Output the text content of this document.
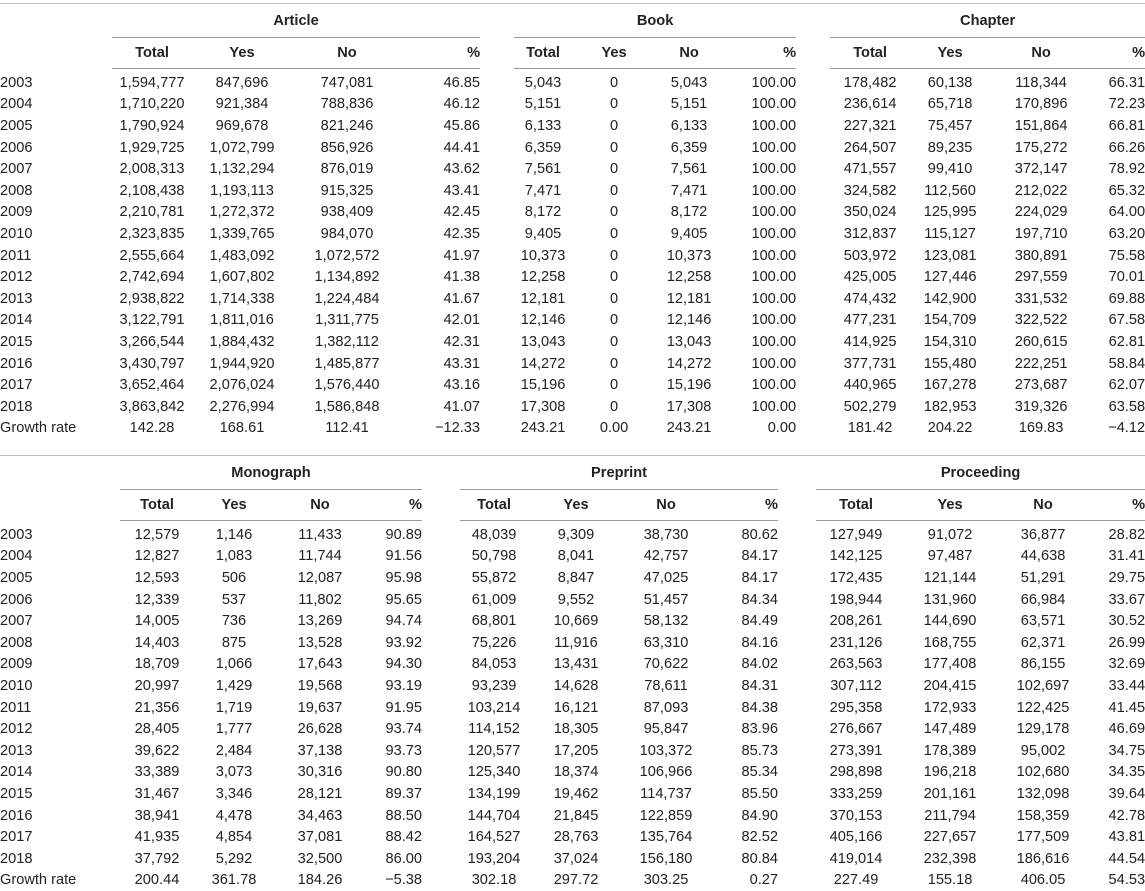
	Article					Book					Chapter			
	Total	Yes	No	%		Total	Yes	No	%		Total	Yes	No	%
2003	1,594,777	847,696	747,081	46.85		5,043	0	5,043	100.00		178,482	60,138	118,344	66.31
2004	1,710,220	921,384	788,836	46.12		5,151	0	5,151	100.00		236,614	65,718	170,896	72.23
2005	1,790,924	969,678	821,246	45.86		6,133	0	6,133	100.00		227,321	75,457	151,864	66.81
2006	1,929,725	1,072,799	856,926	44.41		6,359	0	6,359	100.00		264,507	89,235	175,272	66.26
2007	2,008,313	1,132,294	876,019	43.62		7,561	0	7,561	100.00		471,557	99,410	372,147	78.92
2008	2,108,438	1,193,113	915,325	43.41		7,471	0	7,471	100.00		324,582	112,560	212,022	65.32
2009	2,210,781	1,272,372	938,409	42.45		8,172	0	8,172	100.00		350,024	125,995	224,029	64.00
2010	2,323,835	1,339,765	984,070	42.35		9,405	0	9,405	100.00		312,837	115,127	197,710	63.20
2011	2,555,664	1,483,092	1,072,572	41.97		10,373	0	10,373	100.00		503,972	123,081	380,891	75.58
2012	2,742,694	1,607,802	1,134,892	41.38		12,258	0	12,258	100.00		425,005	127,446	297,559	70.01
2013	2,938,822	1,714,338	1,224,484	41.67		12,181	0	12,181	100.00		474,432	142,900	331,532	69.88
2014	3,122,791	1,811,016	1,311,775	42.01		12,146	0	12,146	100.00		477,231	154,709	322,522	67.58
2015	3,266,544	1,884,432	1,382,112	42.31		13,043	0	13,043	100.00		414,925	154,310	260,615	62.81
2016	3,430,797	1,944,920	1,485,877	43.31		14,272	0	14,272	100.00		377,731	155,480	222,251	58.84
2017	3,652,464	2,076,024	1,576,440	43.16		15,196	0	15,196	100.00		440,965	167,278	273,687	62.07
2018	3,863,842	2,276,994	1,586,848	41.07		17,308	0	17,308	100.00		502,279	182,953	319,326	63.58
Growth rate	142.28	168.61	112.41	−12.33		243.21	0.00	243.21	0.00		181.42	204.22	169.83	−4.12
	Monograph					Preprint					Proceeding			
	Total	Yes	No	%		Total	Yes	No	%		Total	Yes	No	%
2003	12,579	1,146	11,433	90.89		48,039	9,309	38,730	80.62		127,949	91,072	36,877	28.82
2004	12,827	1,083	11,744	91.56		50,798	8,041	42,757	84.17		142,125	97,487	44,638	31.41
2005	12,593	506	12,087	95.98		55,872	8,847	47,025	84.17		172,435	121,144	51,291	29.75
2006	12,339	537	11,802	95.65		61,009	9,552	51,457	84.34		198,944	131,960	66,984	33.67
2007	14,005	736	13,269	94.74		68,801	10,669	58,132	84.49		208,261	144,690	63,571	30.52
2008	14,403	875	13,528	93.92		75,226	11,916	63,310	84.16		231,126	168,755	62,371	26.99
2009	18,709	1,066	17,643	94.30		84,053	13,431	70,622	84.02		263,563	177,408	86,155	32.69
2010	20,997	1,429	19,568	93.19		93,239	14,628	78,611	84.31		307,112	204,415	102,697	33.44
2011	21,356	1,719	19,637	91.95		103,214	16,121	87,093	84.38		295,358	172,933	122,425	41.45
2012	28,405	1,777	26,628	93.74		114,152	18,305	95,847	83.96		276,667	147,489	129,178	46.69
2013	39,622	2,484	37,138	93.73		120,577	17,205	103,372	85.73		273,391	178,389	95,002	34.75
2014	33,389	3,073	30,316	90.80		125,340	18,374	106,966	85.34		298,898	196,218	102,680	34.35
2015	31,467	3,346	28,121	89.37		134,199	19,462	114,737	85.50		333,259	201,161	132,098	39.64
2016	38,941	4,478	34,463	88.50		144,704	21,845	122,859	84.90		370,153	211,794	158,359	42.78
2017	41,935	4,854	37,081	88.42		164,527	28,763	135,764	82.52		405,166	227,657	177,509	43.81
2018	37,792	5,292	32,500	86.00		193,204	37,024	156,180	80.84		419,014	232,398	186,616	44.54
Growth rate	200.44	361.78	184.26	−5.38		302.18	297.72	303.25	0.27		227.49	155.18	406.05	54.53
